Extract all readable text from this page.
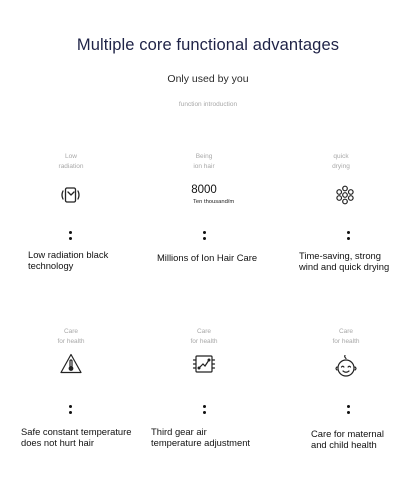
Multiple core functional advantages
Only used by you
function introduction
Low
radiation
Low radiation black
technology
Being
ion hair
8000
Ten thousand/m
Millions of Ion Hair Care
quick
drying
Time-saving, strong
wind and quick drying
Care
for health
Safe constant temperature
does not hurt hair
Care
for health
Third gear air
temperature adjustment
Care
for health
Care for maternal
and child health
